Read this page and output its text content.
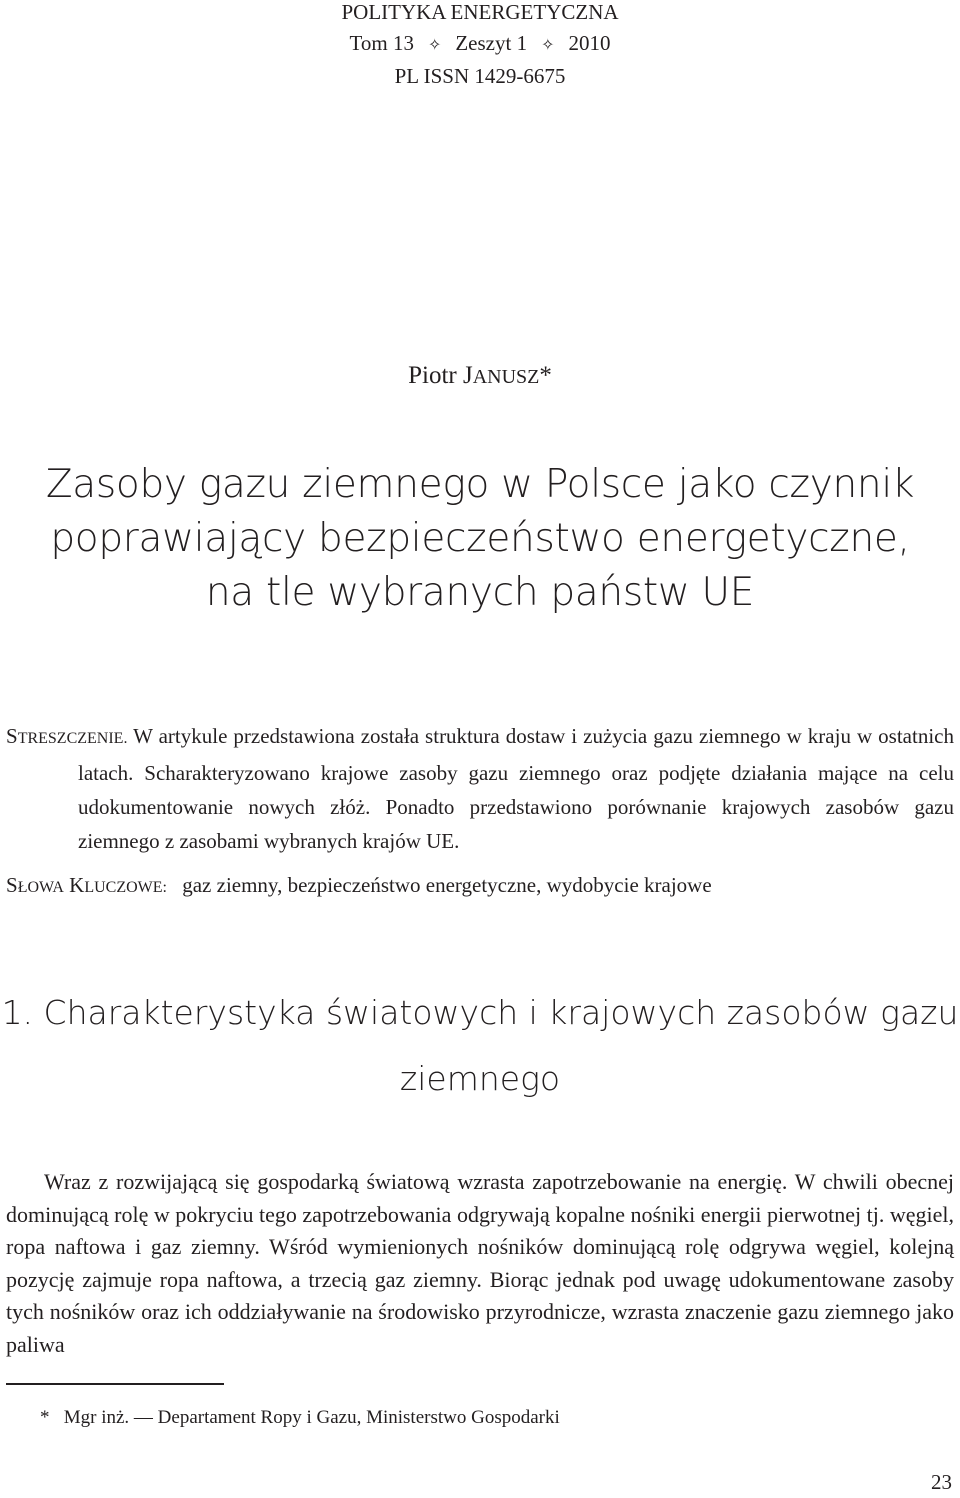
POLITYKA ENERGETYCZNA
Tom 13 ✧ Zeszyt 1 ✧ 2010
PL ISSN 1429-6675
Piotr JANUSZ*
Zasoby gazu ziemnego w Polsce jako czynnik
poprawiający bezpieczeństwo energetyczne,
na tle wybranych państw UE
STRESZCZENIE. W artykule przedstawiona została struktura dostaw i zużycia gazu ziemnego w kraju w ostatnich latach. Scharakteryzowano krajowe zasoby gazu ziemnego oraz podjęte działania mające na celu udokumentowanie nowych złóż. Ponadto przedstawiono porównanie krajowych zasobów gazu ziemnego z zasobami wybranych krajów UE.
SŁOWA KLUCZOWE: gaz ziemny, bezpieczeństwo energetyczne, wydobycie krajowe
1. Charakterystyka światowych i krajowych zasobów gazu
ziemnego

Wraz z rozwijającą się gospodarką światową wzrasta zapotrzebowanie na energię. W chwili obecnej dominującą rolę w pokryciu tego zapotrzebowania odgrywają kopalne nośniki energii pierwotnej tj. węgiel, ropa naftowa i gaz ziemny. Wśród wymienionych nośników dominującą rolę odgrywa węgiel, kolejną pozycję zajmuje ropa naftowa, a trzecią gaz ziemny. Biorąc jednak pod uwagę udokumentowane zasoby tych nośników oraz ich oddziaływanie na środowisko przyrodnicze, wzrasta znaczenie gazu ziemnego jako paliwa

* Mgr inż. — Departament Ropy i Gazu, Ministerstwo Gospodarki
23
